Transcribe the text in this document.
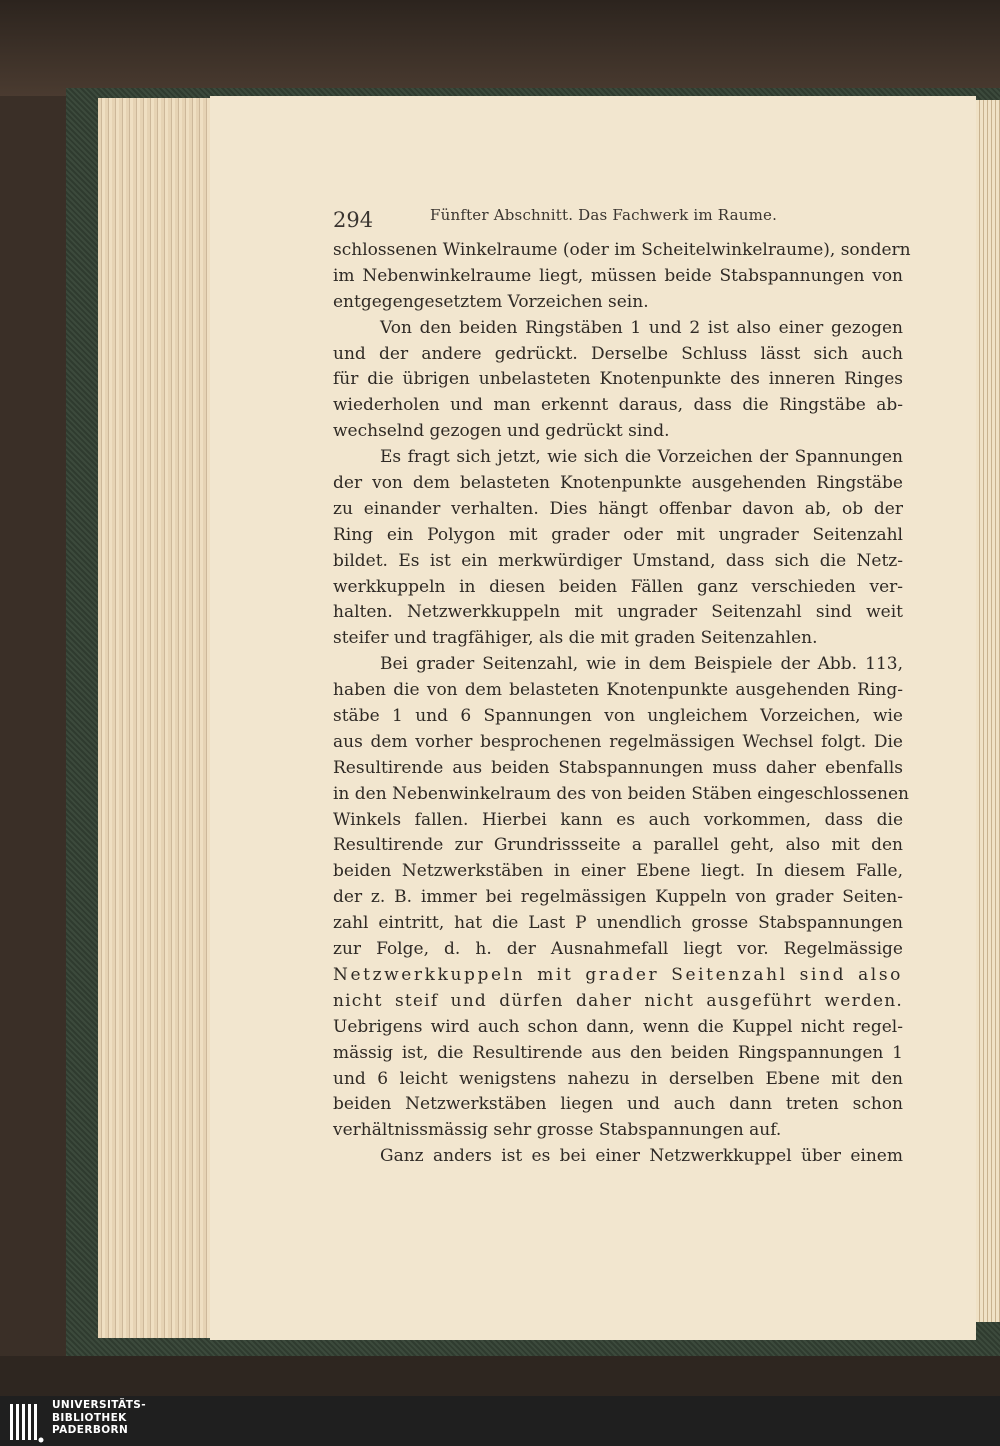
294	Fünfter Abschnitt. Das Fachwerk im Raume.
schlossenen Winkelraume (oder im Scheitelwinkelraume), sondern
im Nebenwinkelraume liegt, müssen beide Stabspannungen von
entgegengesetztem Vorzeichen sein.
Von den beiden Ringstäben 1 und 2 ist also einer gezogen
und der andere gedrückt. Derselbe Schluss lässt sich auch
für die übrigen unbelasteten Knotenpunkte des inneren Ringes
wiederholen und man erkennt daraus, dass die Ringstäbe ab-
wechselnd gezogen und gedrückt sind.
Es fragt sich jetzt, wie sich die Vorzeichen der Spannungen
der von dem belasteten Knotenpunkte ausgehenden Ringstäbe
zu einander verhalten. Dies hängt offenbar davon ab, ob der
Ring ein Polygon mit grader oder mit ungrader Seitenzahl
bildet. Es ist ein merkwürdiger Umstand, dass sich die Netz-
werkkuppeln in diesen beiden Fällen ganz verschieden ver-
halten. Netzwerkkuppeln mit ungrader Seitenzahl sind weit
steifer und tragfähiger, als die mit graden Seitenzahlen.
Bei grader Seitenzahl, wie in dem Beispiele der Abb. 113,
haben die von dem belasteten Knotenpunkte ausgehenden Ring-
stäbe 1 und 6 Spannungen von ungleichem Vorzeichen, wie
aus dem vorher besprochenen regelmässigen Wechsel folgt. Die
Resultirende aus beiden Stabspannungen muss daher ebenfalls
in den Nebenwinkelraum des von beiden Stäben eingeschlossenen
Winkels fallen. Hierbei kann es auch vorkommen, dass die
Resultirende zur Grundrissseite a parallel geht, also mit den
beiden Netzwerkstäben in einer Ebene liegt. In diesem Falle,
der z. B. immer bei regelmässigen Kuppeln von grader Seiten-
zahl eintritt, hat die Last P unendlich grosse Stabspannungen
zur Folge, d. h. der Ausnahmefall liegt vor. Regelmässige
Netzwerkkuppeln mit grader Seitenzahl sind also
nicht steif und dürfen daher nicht ausgeführt werden.
Uebrigens wird auch schon dann, wenn die Kuppel nicht regel-
mässig ist, die Resultirende aus den beiden Ringspannungen 1
und 6 leicht wenigstens nahezu in derselben Ebene mit den
beiden Netzwerkstäben liegen und auch dann treten schon
verhältnissmässig sehr grosse Stabspannungen auf.
Ganz anders ist es bei einer Netzwerkkuppel über einem
UNIVERSITÄTS-
BIBLIOTHEK
PADERBORN
